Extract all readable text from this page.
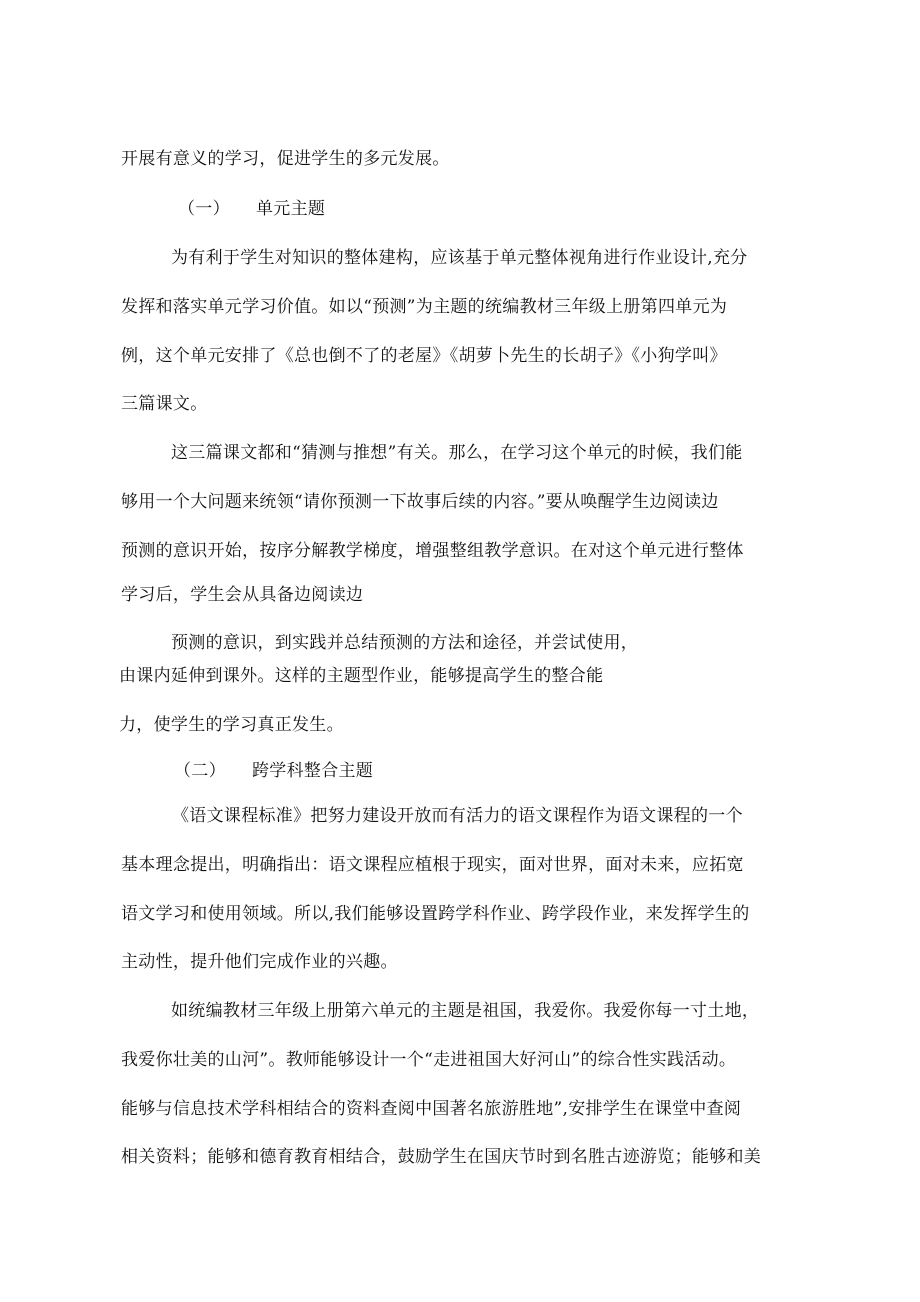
开展有意义的学习，促进学生的多元发展。
（一） 单元主题
为有利于学生对知识的整体建构，应该基于单元整体视角进行作业设计,充分
发挥和落实单元学习价值。如以“预测”为主题的统编教材三年级上册第四单元为
例，这个单元安排了《总也倒不了的老屋》《胡萝卜先生的长胡子》《小狗学叫》
三篇课文。
这三篇课文都和“猜测与推想”有关。那么，在学习这个单元的时候，我们能
够用一个大问题来统领“请你预测一下故事后续的内容。”要从唤醒学生边阅读边
预测的意识开始，按序分解教学梯度，增强整组教学意识。在对这个单元进行整体
学习后，学生会从具备边阅读边
预测的意识，到实践并总结预测的方法和途径，并尝试使用，
由课内延伸到课外。这样的主题型作业，能够提高学生的整合能
力，使学生的学习真正发生。
（二） 跨学科整合主题
《语文课程标准》把努力建设开放而有活力的语文课程作为语文课程的一个
基本理念提出，明确指出：语文课程应植根于现实，面对世界，面对未来，应拓宽
语文学习和使用领域。所以,我们能够设置跨学科作业、跨学段作业，来发挥学生的
主动性，提升他们完成作业的兴趣。
如统编教材三年级上册第六单元的主题是祖国，我爱你。我爱你每一寸土地，
我爱你壮美的山河”。教师能够设计一个“走进祖国大好河山”的综合性实践活动。
能够与信息技术学科相结合的资料查阅中国著名旅游胜地”,安排学生在课堂中查阅
相关资料；能够和德育教育相结合，鼓励学生在国庆节时到名胜古迹游览；能够和美
